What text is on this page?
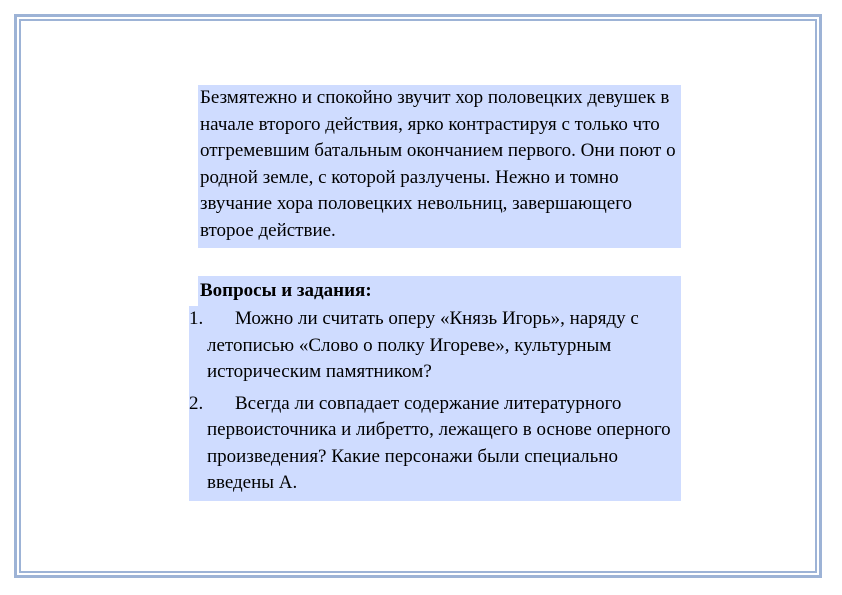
Безмятежно и спокойно звучит хор половецких девушек в начале второго действия, ярко контрастируя с только что отгремевшим батальным окончанием первого. Они поют о родной земле, с которой разлучены. Нежно и томно звучание хора половецких невольниц, завершающего второе действие.
Вопросы и задания:
1.	Можно ли считать оперу «Князь Игорь», наряду с летописью «Слово о полку Игореве», культурным историческим памятником?
2.	Всегда ли совпадает содержание литературного первоисточника и либретто, лежащего в основе оперного произведения? Какие персонажи были специально введены А.
